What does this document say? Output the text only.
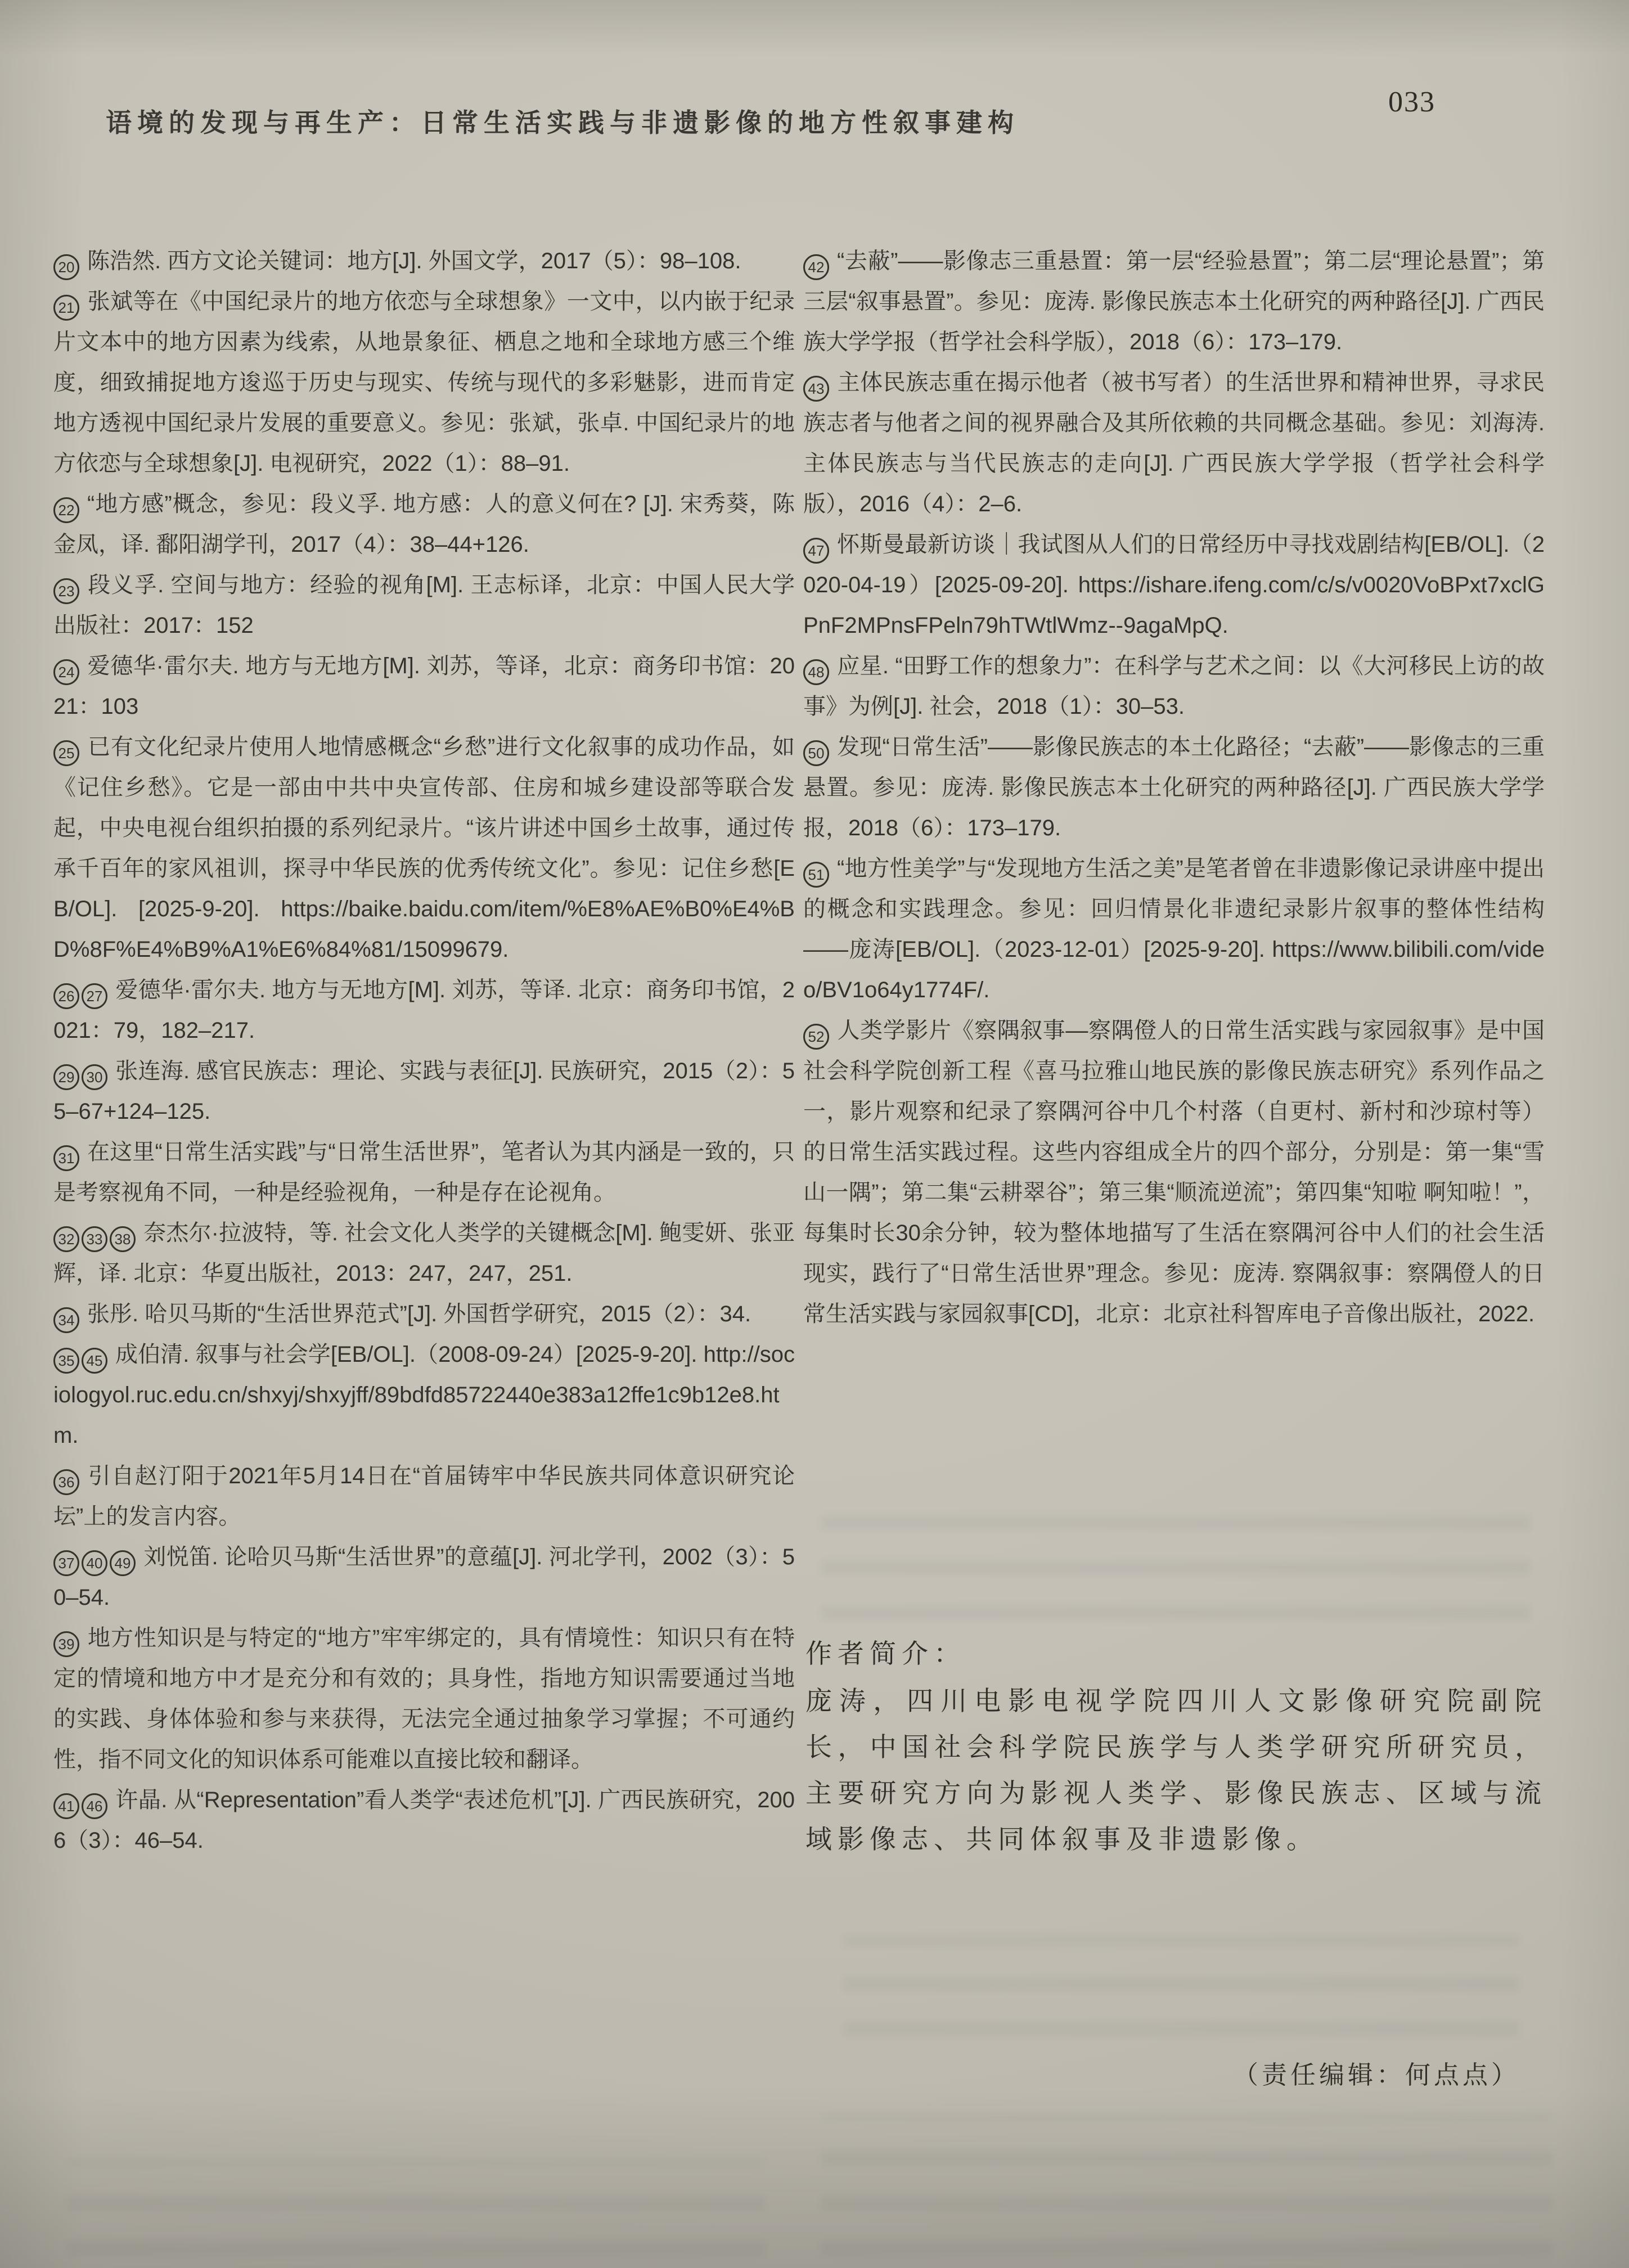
语境的发现与再生产：日常生活实践与非遗影像的地方性叙事建构
033

20 陈浩然. 西方文论关键词：地方[J]. 外国文学，2017（5）：98–108.

21 张斌等在《中国纪录片的地方依恋与全球想象》一文中，以内嵌于纪录片文本中的地方因素为线索，从地景象征、栖息之地和全球地方感三个维度，细致捕捉地方逡巡于历史与现实、传统与现代的多彩魅影，进而肯定地方透视中国纪录片发展的重要意义。参见：张斌，张卓. 中国纪录片的地方依恋与全球想象[J]. 电视研究，2022（1）：88–91.

22 “地方感”概念，参见：段义孚. 地方感：人的意义何在? [J]. 宋秀葵，陈金凤，译. 鄱阳湖学刊，2017（4）：38–44+126.

23 段义孚. 空间与地方：经验的视角[M]. 王志标译，北京：中国人民大学出版社：2017：152

24 爱德华·雷尔夫. 地方与无地方[M]. 刘苏，等译，北京：商务印书馆：2021：103

25 已有文化纪录片使用人地情感概念“乡愁”进行文化叙事的成功作品，如《记住乡愁》。它是一部由中共中央宣传部、住房和城乡建设部等联合发起，中央电视台组织拍摄的系列纪录片。“该片讲述中国乡土故事，通过传承千百年的家风祖训，探寻中华民族的优秀传统文化”。参见：记住乡愁[EB/OL]. [2025-9-20]. https://baike.baidu.com/item/%E8%AE%B0%E4%BD%8F%E4%B9%A1%E6%84%81/15099679.

26 27 爱德华·雷尔夫. 地方与无地方[M]. 刘苏，等译. 北京：商务印书馆，2021：79，182–217.

29 30 张连海. 感官民族志：理论、实践与表征[J]. 民族研究，2015（2）：55–67+124–125.

31 在这里“日常生活实践”与“日常生活世界”，笔者认为其内涵是一致的，只是考察视角不同，一种是经验视角，一种是存在论视角。

32 33 38 奈杰尔·拉波特，等. 社会文化人类学的关键概念[M]. 鲍雯妍、张亚辉，译. 北京：华夏出版社，2013：247，247，251.

34 张彤. 哈贝马斯的“生活世界范式”[J]. 外国哲学研究，2015（2）：34.

35 45 成伯清. 叙事与社会学[EB/OL].（2008-09-24）[2025-9-20]. http://sociologyol.ruc.edu.cn/shxyj/shxyjff/89bdfd85722440e383a12ffe1c9b12e8.htm.

36 引自赵汀阳于2021年5月14日在“首届铸牢中华民族共同体意识研究论坛”上的发言内容。

37 40 49 刘悦笛. 论哈贝马斯“生活世界”的意蕴[J]. 河北学刊，2002（3）：50–54.

39 地方性知识是与特定的“地方”牢牢绑定的，具有情境性：知识只有在特定的情境和地方中才是充分和有效的；具身性，指地方知识需要通过当地的实践、身体体验和参与来获得，无法完全通过抽象学习掌握；不可通约性，指不同文化的知识体系可能难以直接比较和翻译。

41 46 许晶. 从“Representation”看人类学“表述危机”[J]. 广西民族研究，2006（3）：46–54.

42 “去蔽”——影像志三重悬置：第一层“经验悬置”；第二层“理论悬置”；第三层“叙事悬置”。参见：庞涛. 影像民族志本土化研究的两种路径[J]. 广西民族大学学报（哲学社会科学版），2018（6）：173–179.

43 主体民族志重在揭示他者（被书写者）的生活世界和精神世界，寻求民族志者与他者之间的视界融合及其所依赖的共同概念基础。参见：刘海涛. 主体民族志与当代民族志的走向[J]. 广西民族大学学报（哲学社会科学版），2016（4）：2–6.

47 怀斯曼最新访谈｜我试图从人们的日常经历中寻找戏剧结构[EB/OL].（2020-04-19）[2025-09-20]. https://ishare.ifeng.com/c/s/v0020VoBPxt7xclGPnF2MPnsFPeln79hTWtlWmz--9agaMpQ.

48 应星. “田野工作的想象力”：在科学与艺术之间：以《大河移民上访的故事》为例[J]. 社会，2018（1）：30–53.

50 发现“日常生活”——影像民族志的本土化路径；“去蔽”——影像志的三重悬置。参见：庞涛. 影像民族志本土化研究的两种路径[J]. 广西民族大学学报，2018（6）：173–179.

51 “地方性美学”与“发现地方生活之美”是笔者曾在非遗影像记录讲座中提出的概念和实践理念。参见：回归情景化非遗纪录影片叙事的整体性结构——庞涛[EB/OL].（2023-12-01）[2025-9-20]. https://www.bilibili.com/video/BV1o64y1774F/.

52 人类学影片《察隅叙事—察隅僜人的日常生活实践与家园叙事》是中国社会科学院创新工程《喜马拉雅山地民族的影像民族志研究》系列作品之一，影片观察和纪录了察隅河谷中几个村落（自更村、新村和沙琼村等）的日常生活实践过程。这些内容组成全片的四个部分，分别是：第一集“雪山一隅”；第二集“云耕翠谷”；第三集“顺流逆流”；第四集“知啦 啊知啦！”，每集时长30余分钟，较为整体地描写了生活在察隅河谷中人们的社会生活现实，践行了“日常生活世界”理念。参见：庞涛. 察隅叙事：察隅僜人的日常生活实践与家园叙事[CD]，北京：北京社科智库电子音像出版社，2022.

作者简介：

庞涛，四川电影电视学院四川人文影像研究院副院长，中国社会科学院民族学与人类学研究所研究员，主要研究方向为影视人类学、影像民族志、区域与流域影像志、共同体叙事及非遗影像。

（责任编辑：何点点）
